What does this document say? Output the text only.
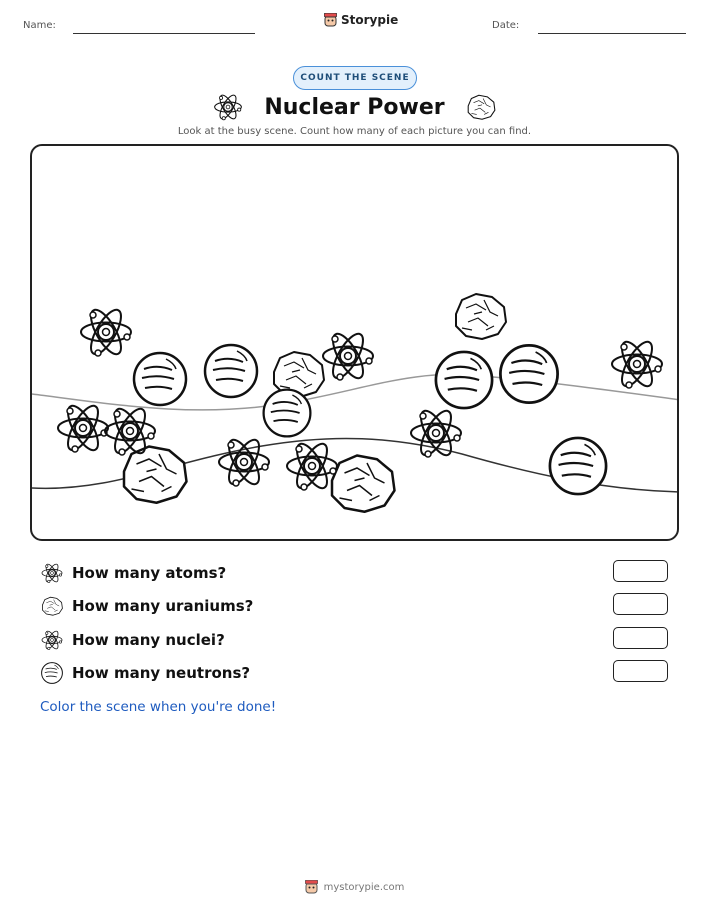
Name:	Storypie	Date:
COUNT THE SCENE
Nuclear Power
Look at the busy scene. Count how many of each picture you can find.
How many atoms?
How many uraniums?
How many nuclei?
How many neutrons?
Color the scene when you're done!
mystorypie.com
